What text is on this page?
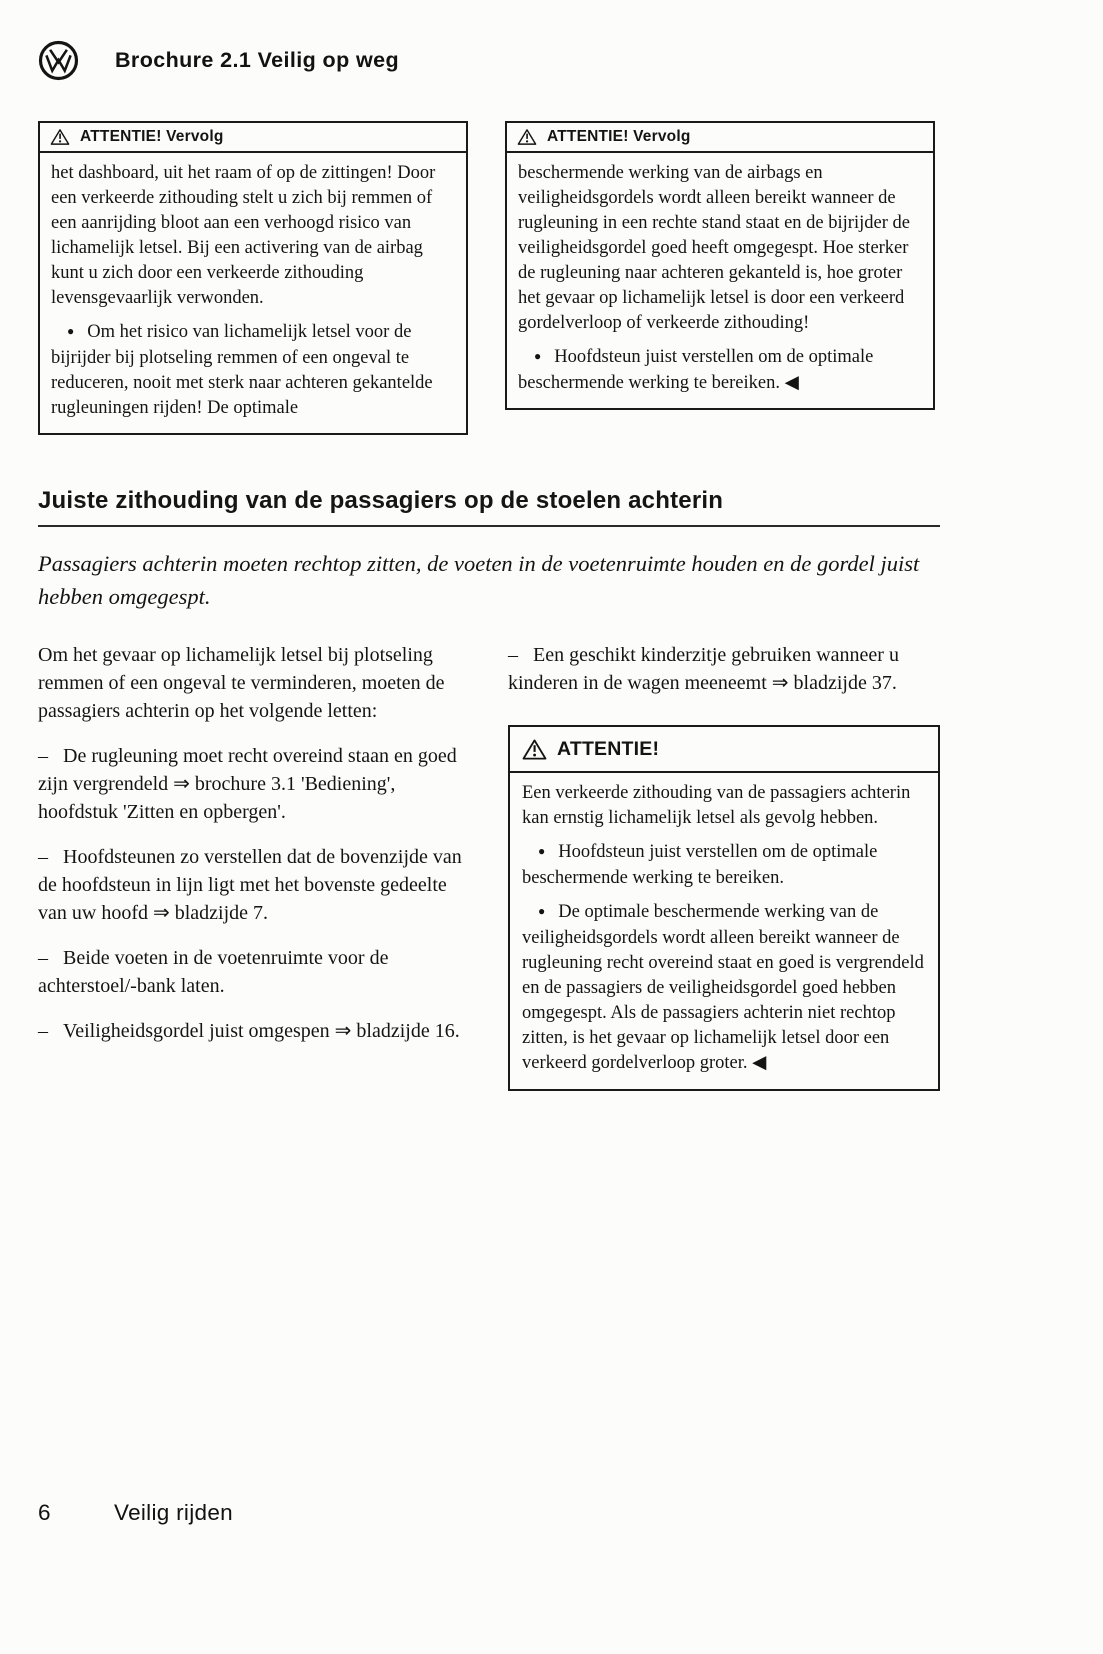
Brochure 2.1 Veilig op weg
ATTENTIE! Vervolg

het dashboard, uit het raam of op de zittingen! Door een verkeerde zithouding stelt u zich bij remmen of een aanrijding bloot aan een verhoogd risico van lichamelijk letsel. Bij een activering van de airbag kunt u zich door een verkeerde zithouding levensgevaarlijk verwonden.

● Om het risico van lichamelijk letsel voor de bijrijder bij plotseling remmen of een ongeval te reduceren, nooit met sterk naar achteren gekantelde rugleuningen rijden! De optimale

ATTENTIE! Vervolg

beschermende werking van de airbags en veiligheidsgordels wordt alleen bereikt wanneer de rugleuning in een rechte stand staat en de bijrijder de veiligheidsgordel goed heeft omgegespt. Hoe sterker de rugleuning naar achteren gekanteld is, hoe groter het gevaar op lichamelijk letsel is door een verkeerd gordelverloop of verkeerde zithouding!

● Hoofdsteun juist verstellen om de optimale beschermende werking te bereiken. ◀

Juiste zithouding van de passagiers op de stoelen achterin

Passagiers achterin moeten rechtop zitten, de voeten in de voetenruimte houden en de gordel juist hebben omgegespt.

Om het gevaar op lichamelijk letsel bij plotseling remmen of een ongeval te verminderen, moeten de passagiers achterin op het volgende letten:

– De rugleuning moet recht overeind staan en goed zijn vergrendeld ⇒ brochure 3.1 'Bediening', hoofdstuk 'Zitten en opbergen'.

– Hoofdsteunen zo verstellen dat de bovenzijde van de hoofdsteun in lijn ligt met het bovenste gedeelte van uw hoofd ⇒ bladzijde 7.

– Beide voeten in de voetenruimte voor de achterstoel/-bank laten.

– Veiligheidsgordel juist omgespen ⇒ bladzijde 16.

– Een geschikt kinderzitje gebruiken wanneer u kinderen in de wagen meeneemt ⇒ bladzijde 37.

ATTENTIE!

Een verkeerde zithouding van de passagiers achterin kan ernstig lichamelijk letsel als gevolg hebben.

● Hoofdsteun juist verstellen om de optimale beschermende werking te bereiken.

● De optimale beschermende werking van de veiligheidsgordels wordt alleen bereikt wanneer de rugleuning recht overeind staat en goed is vergrendeld en de passagiers de veiligheidsgordel goed hebben omgegespt. Als de passagiers achterin niet rechtop zitten, is het gevaar op lichamelijk letsel door een verkeerd gordelverloop groter. ◀

6	Veilig rijden
